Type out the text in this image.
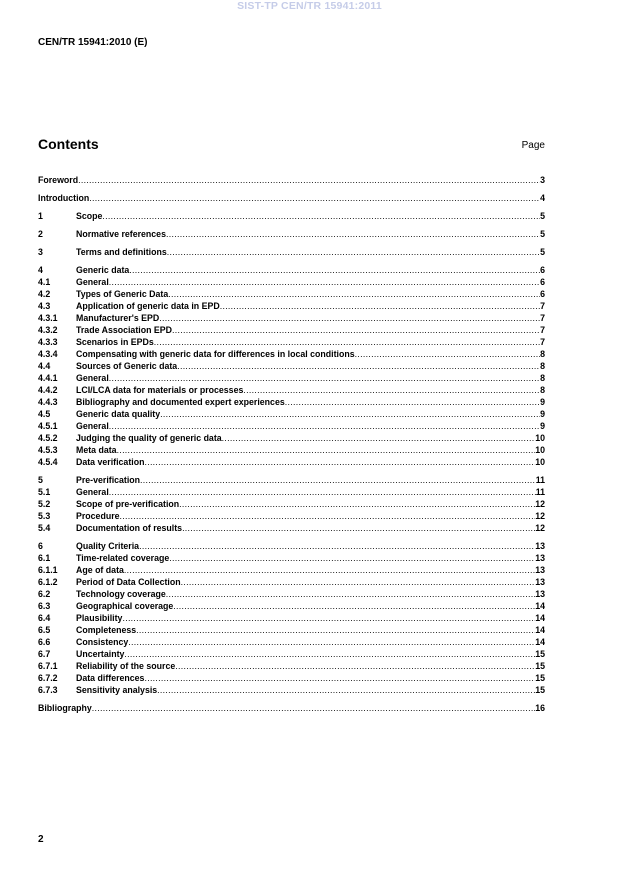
SIST-TP CEN/TR 15941:2011
CEN/TR 15941:2010 (E)
Contents	Page
Foreword .....	3
Introduction .....	4
1	Scope .....	5
2	Normative references .....	5
3	Terms and definitions .....	5
4	Generic data .....	6
4.1	General .....	6
4.2	Types of Generic Data .....	6
4.3	Application of generic data in EPD .....	7
4.3.1	Manufacturer's EPD .....	7
4.3.2	Trade Association EPD .....	7
4.3.3	Scenarios in EPDs .....	7
4.3.4	Compensating with generic data for differences in local conditions .....	8
4.4	Sources of Generic data .....	8
4.4.1	General .....	8
4.4.2	LCI/LCA data for materials or processes .....	8
4.4.3	Bibliography and documented expert experiences .....	9
4.5	Generic data quality .....	9
4.5.1	General .....	9
4.5.2	Judging the quality of generic data .....	10
4.5.3	Meta data .....	10
4.5.4	Data verification .....	10
5	Pre-verification .....	11
5.1	General .....	11
5.2	Scope of pre-verification .....	12
5.3	Procedure .....	12
5.4	Documentation of results .....	12
6	Quality Criteria .....	13
6.1	Time-related coverage .....	13
6.1.1	Age of data .....	13
6.1.2	Period of Data Collection .....	13
6.2	Technology coverage .....	13
6.3	Geographical coverage .....	14
6.4	Plausibility .....	14
6.5	Completeness .....	14
6.6	Consistency .....	14
6.7	Uncertainty .....	15
6.7.1	Reliability of the source .....	15
6.7.2	Data differences .....	15
6.7.3	Sensitivity analysis .....	15
Bibliography .....	16
2
